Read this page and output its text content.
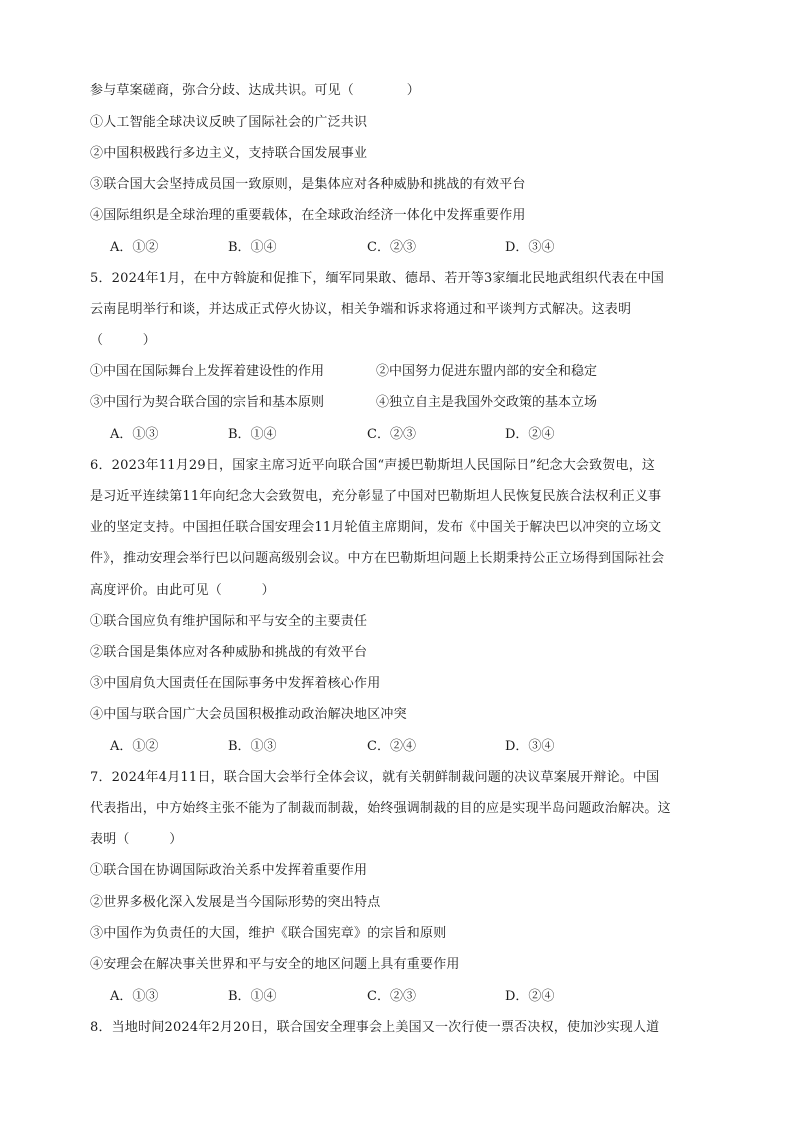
参与草案磋商，弥合分歧、达成共识。可见（　　　　）
①人工智能全球决议反映了国际社会的广泛共识
②中国积极践行多边主义，支持联合国发展事业
③联合国大会坚持成员国一致原则，是集体应对各种威胁和挑战的有效平台
④国际组织是全球治理的重要载体，在全球政治经济一体化中发挥重要作用
A．①②	B．①④	C．②③	D．③④
5．2024年1月，在中方斡旋和促推下，缅军同果敢、德昂、若开等3家缅北民地武组织代表在中国
云南昆明举行和谈，并达成正式停火协议，相关争端和诉求将通过和平谈判方式解决。这表明
（　　　）
①中国在国际舞台上发挥着建设性的作用	②中国努力促进东盟内部的安全和稳定
③中国行为契合联合国的宗旨和基本原则	④独立自主是我国外交政策的基本立场
A．①③	B．①④	C．②③	D．②④
6．2023年11月29日，国家主席习近平向联合国“声援巴勒斯坦人民国际日”纪念大会致贺电，这
是习近平连续第11年向纪念大会致贺电，充分彰显了中国对巴勒斯坦人民恢复民族合法权利正义事
业的坚定支持。中国担任联合国安理会11月轮值主席期间，发布《中国关于解决巴以冲突的立场文
件》，推动安理会举行巴以问题高级别会议。中方在巴勒斯坦问题上长期秉持公正立场得到国际社会
高度评价。由此可见（　　　）
①联合国应负有维护国际和平与安全的主要责任
②联合国是集体应对各种威胁和挑战的有效平台
③中国肩负大国责任在国际事务中发挥着核心作用
④中国与联合国广大会员国积极推动政治解决地区冲突
A．①②	B．①③	C．②④	D．③④
7．2024年4月11日，联合国大会举行全体会议，就有关朝鲜制裁问题的决议草案展开辩论。中国
代表指出，中方始终主张不能为了制裁而制裁，始终强调制裁的目的应是实现半岛问题政治解决。这
表明（　　　）
①联合国在协调国际政治关系中发挥着重要作用
②世界多极化深入发展是当今国际形势的突出特点
③中国作为负责任的大国，维护《联合国宪章》的宗旨和原则
④安理会在解决事关世界和平与安全的地区问题上具有重要作用
A．①③	B．①④	C．②③	D．②④
8．当地时间2024年2月20日，联合国安全理事会上美国又一次行使一票否决权，使加沙实现人道
